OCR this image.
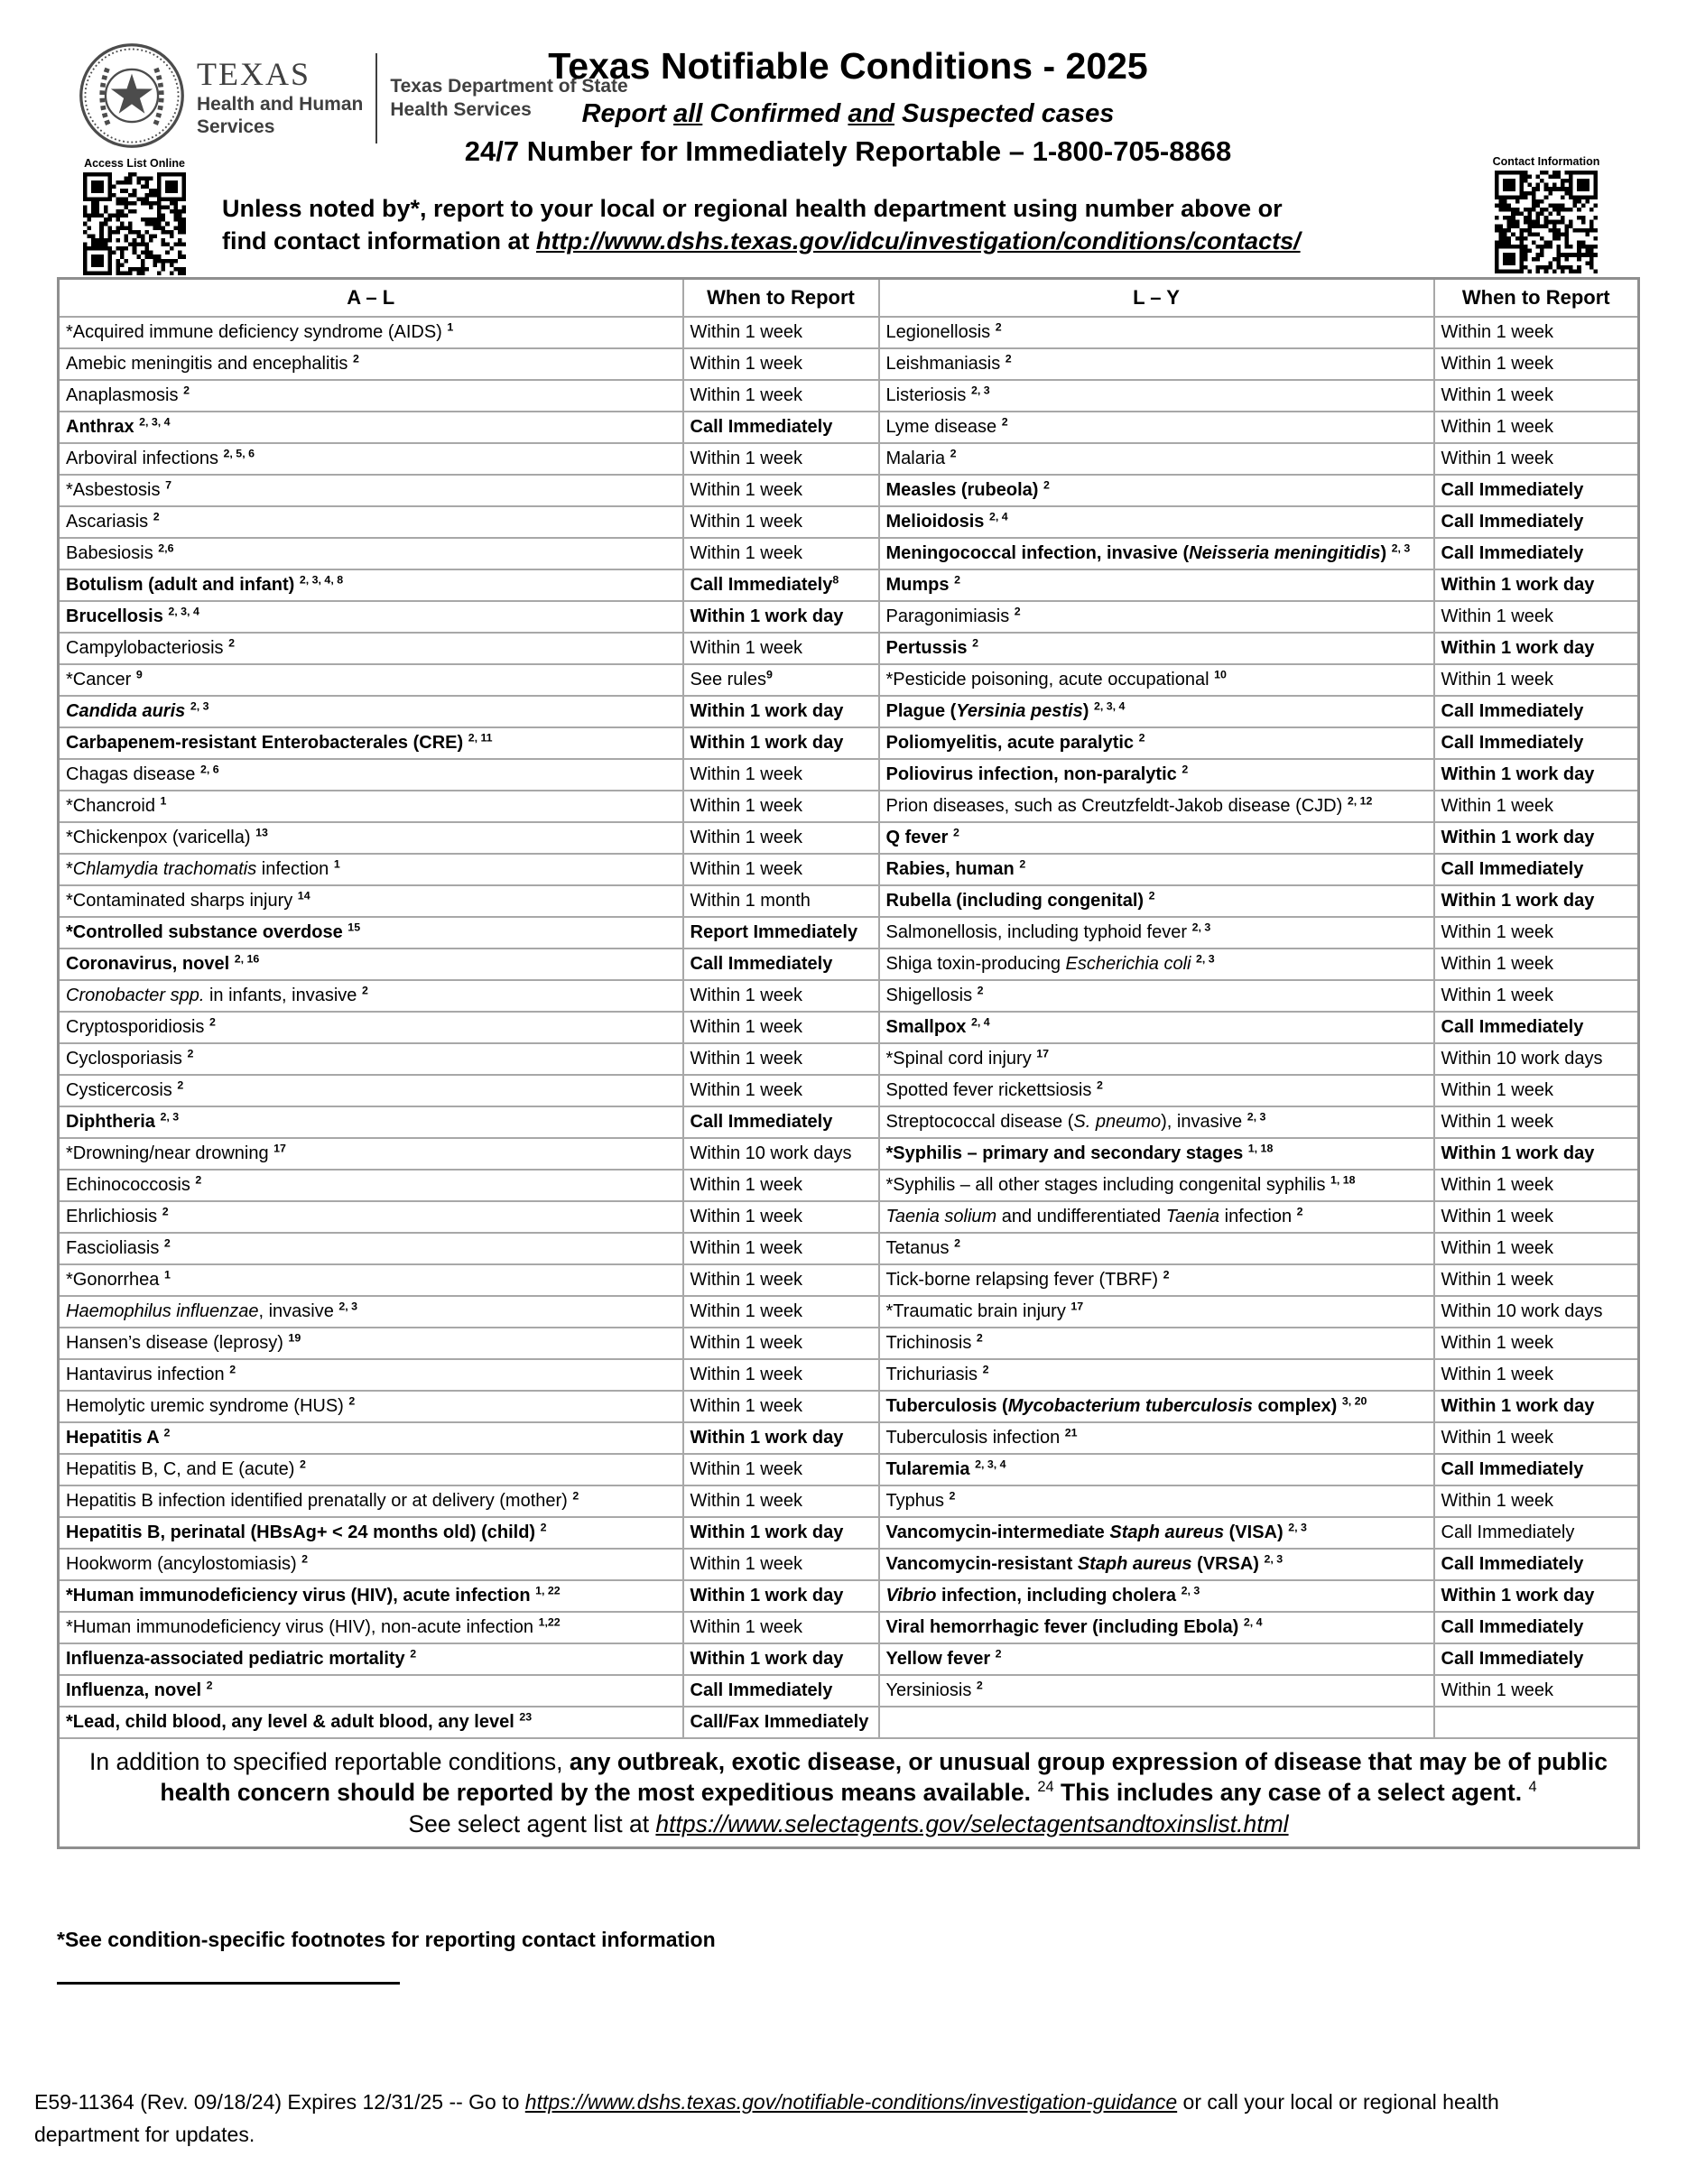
TEXAS
Health and Human
Services
Texas Department of State
Health Services
Texas Notifiable Conditions - 2025
Report all Confirmed and Suspected cases
24/7 Number for Immediately Reportable – 1-800-705-8868
Unless noted by*, report to your local or regional health department using number above or
find contact information at http://www.dshs.texas.gov/idcu/investigation/conditions/contacts/
Access List Online	Contact Information
A – L	When to Report	L – Y	When to Report
*Acquired immune deficiency syndrome (AIDS) $^1$	Within 1 week	Legionellosis $^2$	Within 1 week
Amebic meningitis and encephalitis $^2$	Within 1 week	Leishmaniasis $^2$	Within 1 week
Anaplasmosis $^2$	Within 1 week	Listeriosis $^{2, 3}$	Within 1 week
Anthrax $^{2, 3, 4}$	Call Immediately	Lyme disease $^2$	Within 1 week
Arboviral infections $^{2, 5, 6}$	Within 1 week	Malaria $^2$	Within 1 week
*Asbestosis $^7$	Within 1 week	Measles (rubeola) $^2$	Call Immediately
Ascariasis $^2$	Within 1 week	Melioidosis $^{2, 4}$	Call Immediately
Babesiosis $^{2,6}$	Within 1 week	Meningococcal infection, invasive (Neisseria meningitidis) $^{2, 3}$	Call Immediately
Botulism (adult and infant) $^{2, 3, 4, 8}$	Call Immediately$^8$	Mumps $^2$	Within 1 work day
Brucellosis $^{2, 3, 4}$	Within 1 work day	Paragonimiasis $^2$	Within 1 week
Campylobacteriosis $^2$	Within 1 week	Pertussis $^2$	Within 1 work day
*Cancer $^9$	See rules$^9$	*Pesticide poisoning, acute occupational $^{10}$	Within 1 week
Candida auris $^{2, 3}$	Within 1 work day	Plague (Yersinia pestis) $^{2, 3, 4}$	Call Immediately
Carbapenem-resistant Enterobacterales (CRE) $^{2, 11}$	Within 1 work day	Poliomyelitis, acute paralytic $^2$	Call Immediately
Chagas disease $^{2, 6}$	Within 1 week	Poliovirus infection, non-paralytic $^2$	Within 1 work day
*Chancroid $^1$	Within 1 week	Prion diseases, such as Creutzfeldt-Jakob disease (CJD) $^{2, 12}$	Within 1 week
*Chickenpox (varicella) $^{13}$	Within 1 week	Q fever $^2$	Within 1 work day
*Chlamydia trachomatis infection $^1$	Within 1 week	Rabies, human $^2$	Call Immediately
*Contaminated sharps injury $^{14}$	Within 1 month	Rubella (including congenital) $^2$	Within 1 work day
*Controlled substance overdose $^{15}$	Report Immediately	Salmonellosis, including typhoid fever $^{2, 3}$	Within 1 week
Coronavirus, novel $^{2, 16}$	Call Immediately	Shiga toxin-producing Escherichia coli $^{2, 3}$	Within 1 week
Cronobacter spp. in infants, invasive $^2$	Within 1 week	Shigellosis $^2$	Within 1 week
Cryptosporidiosis $^2$	Within 1 week	Smallpox $^{2, 4}$	Call Immediately
Cyclosporiasis $^2$	Within 1 week	*Spinal cord injury $^{17}$	Within 10 work days
Cysticercosis $^2$	Within 1 week	Spotted fever rickettsiosis $^2$	Within 1 week
Diphtheria $^{2, 3}$	Call Immediately	Streptococcal disease (S. pneumo), invasive $^{2, 3}$	Within 1 week
*Drowning/near drowning $^{17}$	Within 10 work days	*Syphilis – primary and secondary stages $^{1, 18}$	Within 1 work day
Echinococcosis $^2$	Within 1 week	*Syphilis – all other stages including congenital syphilis $^{1, 18}$	Within 1 week
Ehrlichiosis $^2$	Within 1 week	Taenia solium and undifferentiated Taenia infection $^2$	Within 1 week
Fascioliasis $^2$	Within 1 week	Tetanus $^2$	Within 1 week
*Gonorrhea $^1$	Within 1 week	Tick-borne relapsing fever (TBRF) $^2$	Within 1 week
Haemophilus influenzae, invasive $^{2, 3}$	Within 1 week	*Traumatic brain injury $^{17}$	Within 10 work days
Hansen’s disease (leprosy) $^{19}$	Within 1 week	Trichinosis $^2$	Within 1 week
Hantavirus infection $^2$	Within 1 week	Trichuriasis $^2$	Within 1 week
Hemolytic uremic syndrome (HUS) $^2$	Within 1 week	Tuberculosis (Mycobacterium tuberculosis complex) $^{3, 20}$	Within 1 work day
Hepatitis A $^2$	Within 1 work day	Tuberculosis infection $^{21}$	Within 1 week
Hepatitis B, C, and E (acute) $^2$	Within 1 week	Tularemia $^{2, 3, 4}$	Call Immediately
Hepatitis B infection identified prenatally or at delivery (mother) $^2$	Within 1 week	Typhus $^2$	Within 1 week
Hepatitis B, perinatal (HBsAg+ < 24 months old) (child) $^2$	Within 1 work day	Vancomycin-intermediate Staph aureus (VISA) $^{2, 3}$	Call Immediately
Hookworm (ancylostomiasis) $^2$	Within 1 week	Vancomycin-resistant Staph aureus (VRSA) $^{2, 3}$	Call Immediately
*Human immunodeficiency virus (HIV), acute infection $^{1, 22}$	Within 1 work day	Vibrio infection, including cholera $^{2, 3}$	Within 1 work day
*Human immunodeficiency virus (HIV), non-acute infection $^{1,22}$	Within 1 week	Viral hemorrhagic fever (including Ebola) $^{2, 4}$	Call Immediately
Influenza-associated pediatric mortality $^2$	Within 1 work day	Yellow fever $^2$	Call Immediately
Influenza, novel $^2$	Call Immediately	Yersiniosis $^2$	Within 1 week
*Lead, child blood, any level & adult blood, any level $^{23}$	Call/Fax Immediately		
In addition to specified reportable conditions, any outbreak, exotic disease, or unusual group expression of disease that may be of public health concern should be reported by the most expeditious means available. $^{24}$ This includes any case of a select agent. $^4$
See select agent list at https://www.selectagents.gov/selectagentsandtoxinslist.html			
*See condition-specific footnotes for reporting contact information
E59-11364 (Rev. 09/18/24) Expires 12/31/25 -- Go to https://www.dshs.texas.gov/notifiable-conditions/investigation-guidance or call your local or regional health
department for updates.
